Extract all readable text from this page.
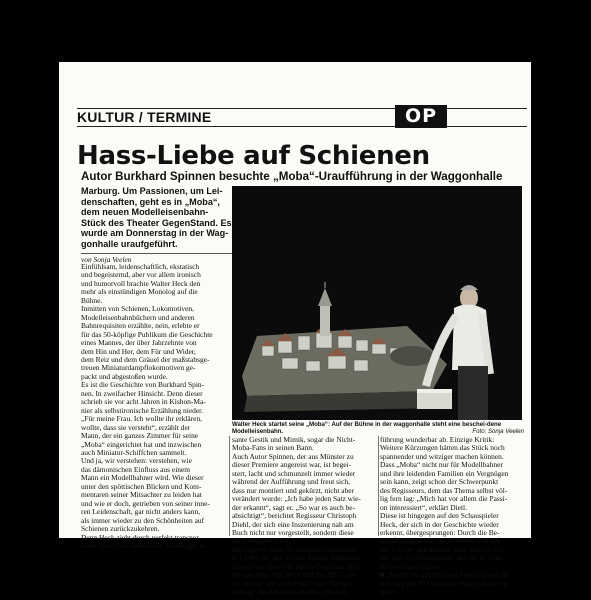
KULTUR / TERMINE	OP
Hass-Liebe auf Schienen
Autor Burkhard Spinnen besuchte „Moba“-Uraufführung in der Waggonhalle
Marburg. Um Passionen, um Lei-
denschaften, geht es in „Moba“,
dem neuen Modelleisenbahn-
Stück des Theater GegenStand. Es
wurde am Donnerstag in der Wag-
gonhalle uraufgeführt.
von Sonja Veelen
Walter Heck startet seine „Moba“: Auf der Bühne in der waggonhalle steht eine beschei-dene Modelleisenbahn.	Foto: Sonja Veelen
Einfühlsam, leidenschaftlich, ekstatisch
und begeisternd, aber vor allem ironisch
und humorvoll brachte Walter Heck den
mehr als einstündigen Monolog auf die
Bühne.
Inmitten von Schienen, Lokomotiven,
Modelleisenbahnbüchern und anderen
Bahnrequisiten erzählte, nein, erlebte er
für das 50-köpfige Publikum die Geschichte
eines Mannes, der über Jahrzehnte von
dem Hin und Her, dem Für und Wider,
dem Reiz und dem Gräuel der maßstabsge-
treuen Miniaturdampflokomotiven ge-
packt und abgestoßen wurde.
Es ist die Geschichte von Burkhard Spin-
nen. In zweifacher Hinsicht. Denn dieser
schrieb sie vor acht Jahren in Kishon-Ma-
nier als selbstironische Erzählung nieder.
„Für meine Frau. Ich wollte ihr erklären,
wollte, dass sie versteht“, erzählt der
Mann, der ein ganzes Zimmer für seine
„Moba“ eingerichtet hat und inzwischen
auch Miniatur-Schiffchen sammelt.
Und ja, wir verstehen: verstehen, wie
das dämonischen Einfluss aus einem
Mann ein Modellbahner wird. Wie dieser
unter den spöttischen Blicken und Kom-
mentaren seiner Mitsachter zu leiden hat
und wie er doch, getrieben von seiner inne-
ren Leidenschaft, gar nicht anders kann,
als immer wieder zu den Schönheiten auf
Schienen zurückzukehren.
Denn Heck zieht durch perfekt transpor-
tierte sprachlich ästhetische Monologe, ra-
sante Gestik und Mimik, sogar die Nicht-
Moba-Fans in seinen Bann.
Auch Autor Spinnen, der aus Münster zu
dieser Premiere angereist war, ist begei-
stert, lacht und schmunzelt immer wieder
während der Aufführung und freut sich,
dass nur montiert und gekürzt, nicht aber
verändert wurde: „Ich habe jeden Satz wie-
der erkannt“, sagt er. „So war es auch be-
absichtigt“, berichtet Regisseur Christoph
Diehl, der sich eine Inszenierung nah am
Buch nicht nur vorgestellt, sondern diese
auch umgesetzt hat.
Mit eigener Note: So rundeten eingespiel-
te Lieder aus den 1950er Jahren, Dämonen-
dialoge aus dem Off, Moba-Fotos aus dem
Privatfundus von Heck und die ZP9-Lam-
pe, mit der ein „Schaffner“ den „Abfahrt-
auftrag“ für das Stück erteilte, die Auf-
führung wunderbar ab. Einzige Kritik:
Weitere Kürzungen hätten das Stück noch
spannender und witziger machen können.
Dass „Moba“ nicht nur für Modellbahner
und ihre leidenden Familien ein Vergnügen
sein kann, zeigt schon der Schwerpunkt
des Regisseurs, dem das Thema selbst völ-
lig fern lag: „Mich hat vor allem die Passi-
on interessiert“, erklärt Dietl.
Diese ist hingegen auf den Schauspieler
Heck, der sich in der Geschichte wieder
erkennt, übergesprungen: Durch die Be-
schäftigung damit, sei er wieder voll auf
die Schiene gekommen, habe endlich wie-
der eine Eisenbahnplatte, auf der er Züge
fahren lassen könne.
■ „Moba“ ist am heutigen Samstag und am
Sonntag um 20 Uhr in der Waggonhalle zu
sehen.
